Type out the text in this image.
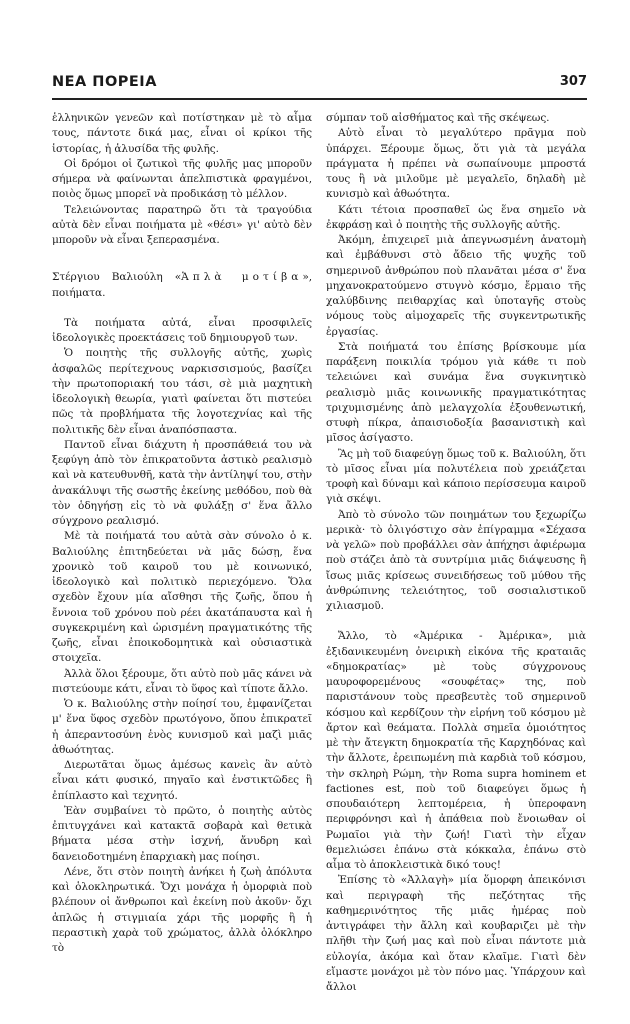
ΝΕΑ ΠΟΡΕΙΑ	307

ἑλληνικῶν γενεῶν καὶ ποτίστηκαν μὲ τὸ αἷμα τους, πάντοτε δικά μας, εἶναι οἱ κρίκοι τῆς ἱστορίας, ἡ ἁλυσίδα τῆς φυλῆς.

Οἱ δρόμοι οἱ ζωτικοὶ τῆς φυλῆς μας μποροῦν σήμερα νὰ φαίνωνται ἀπελπιστικὰ φραγμένοι, ποιὸς ὅμως μπορεῖ νὰ προδικάσῃ τὸ μέλλον.

Τελειώνοντας παρατηρῶ ὅτι τὰ τραγούδια αὐτὰ δὲν εἶναι ποιήματα μὲ «θέσι» γι' αὐτὸ δὲν μποροῦν νὰ εἶναι ξεπερασμένα.

Στέργιου Βαλιούλη «Ἁπλὰ μοτίβα», ποιήματα.

Τὰ ποιήματα αὐτά, εἶναι προσφιλεῖς ἰδεολογικὲς προεκτάσεις τοῦ δημιουργοῦ των.

Ὁ ποιητὴς τῆς συλλογῆς αὐτῆς, χωρὶς ἀσφαλῶς περίτεχνους ναρκισσισμούς, βασίζει τὴν πρωτοποριακή του τάσι, σὲ μιὰ μαχητικὴ ἰδεολογικὴ θεωρία, γιατὶ φαίνεται ὅτι πιστεύει πῶς τὰ προβλήματα τῆς λογοτεχνίας καὶ τῆς πολιτικῆς δὲν εἶναι ἀναπόσπαστα.

Παντοῦ εἶναι διάχυτη ἡ προσπάθειά του νὰ ξεφύγη ἀπὸ τὸν ἐπικρατοῦντα ἀστικὸ ρεαλισμὸ καὶ νὰ κατευθυνθῆ, κατὰ τὴν ἀντίληψί του, στὴν ἀνακάλυψι τῆς σωστῆς ἐκείνης μεθόδου, ποὺ θὰ τὸν ὁδηγήσῃ εἰς τὸ νὰ φυλάξῃ σ' ἕνα ἄλλο σύγχρονο ρεαλισμό.

Μὲ τὰ ποιήματά του αὐτὰ σὰν σύνολο ὁ κ. Βαλιούλης ἐπιτηδεύεται νὰ μᾶς δώσῃ, ἕνα χρονικὸ τοῦ καιροῦ του μὲ κοινωνικό, ἰδεολογικὸ καὶ πολιτικὸ περιεχόμενο. Ὅλα σχεδὸν ἔχουν μία αἴσθησι τῆς ζωῆς, ὅπου ἡ ἔννοια τοῦ χρόνου ποὺ ρέει ἀκατάπαυστα καὶ ἡ συγκεκριμένη καὶ ὡρισμένη πραγματικότης τῆς ζωῆς, εἶναι ἐποικοδομητικὰ καὶ οὐσιαστικὰ στοιχεῖα.

Ἀλλὰ ὅλοι ξέρουμε, ὅτι αὐτὸ ποὺ μᾶς κάνει νὰ πιστεύουμε κάτι, εἶναι τὸ ὕφος καὶ τίποτε ἄλλο.

Ὁ κ. Βαλιούλης στὴν ποίησί του, ἐμφανίζεται μ' ἕνα ὕφος σχεδὸν πρωτόγονο, ὅπου ἐπικρατεῖ ἡ ἀπεραντοσύνη ἑνὸς κυνισμοῦ καὶ μαζὶ μιᾶς ἀθωότητας.

Διερωτᾶται ὅμως ἀμέσως κανεὶς ἂν αὐτὸ εἶναι κάτι φυσικό, πηγαῖο καὶ ἐνστικτῶδες ἢ ἐπίπλαστο καὶ τεχνητό.

Ἐὰν συμβαίνει τὸ πρῶτο, ὁ ποιητὴς αὐτὸς ἐπιτυγχάνει καὶ κατακτᾶ σοβαρὰ καὶ θετικὰ βήματα μέσα στὴν ἰσχνή, ἄνυδρη καὶ δανειοδοτημένη ἐπαρχιακὴ μας ποίησι.

Λένε, ὅτι στὸν ποιητὴ ἀνήκει ἡ ζωὴ ἀπόλυτα καὶ ὁλοκληρωτικά. Ὄχι μονάχα ἡ ὁμορφιὰ ποὺ βλέπουν οἱ ἄνθρωποι καὶ ἐκείνη ποὺ ἀκοῦν· ὄχι ἁπλῶς ἡ στιγμιαία χάρι τῆς μορφῆς ἢ ἡ περαστικὴ χαρὰ τοῦ χρώματος, ἀλλὰ ὁλόκληρο τὸ

σύμπαν τοῦ αἰσθήματος καὶ τῆς σκέψεως.

Αὐτὸ εἶναι τὸ μεγαλύτερο πρᾶγμα ποὺ ὑπάρχει. Ξέρουμε ὅμως, ὅτι γιὰ τὰ μεγάλα πράγματα ἡ πρέπει νὰ σωπαίνουμε μπροστά τους ἢ νὰ μιλοῦμε μὲ μεγαλεῖο, δηλαδὴ μὲ κυνισμὸ καὶ ἀθωότητα.

Κάτι τέτοια προσπαθεῖ ὡς ἕνα σημεῖο νὰ ἐκφράσῃ καὶ ὁ ποιητὴς τῆς συλλογῆς αὐτῆς.

Ἀκόμη, ἐπιχειρεῖ μιὰ ἀπεγνωσμένη ἀνατομὴ καὶ ἐμβάθυνσι στὸ ἄδειο τῆς ψυχῆς τοῦ σημερινοῦ ἀνθρώπου ποὺ πλανᾶται μέσα σ' ἕνα μηχανοκρατούμενο στυγνὸ κόσμο, ἔρμαιο τῆς χαλύβδινης πειθαρχίας καὶ ὑποταγῆς στοὺς νόμους τοὺς αἱμοχαρεῖς τῆς συγκεντρωτικῆς ἐργασίας.

Στὰ ποιήματά του ἐπίσης βρίσκουμε μία παράξενη ποικιλία τρόμου γιὰ κάθε τι ποὺ τελειώνει καὶ συνάμα ἕνα συγκινητικὸ ρεαλισμὸ μιᾶς κοινωνικῆς πραγματικότητας τριχυμισμένης ἀπὸ μελαγχολία ἐξουθενωτική, στυφὴ πίκρα, ἀπαισιοδοξία βασανιστικὴ καὶ μῖσος ἀσίγαστο.

Ἂς μὴ τοῦ διαφεύγῃ ὅμως τοῦ κ. Βαλιούλη, ὅτι τὸ μῖσος εἶναι μία πολυτέλεια ποὺ χρειάζεται τροφὴ καὶ δύναμι καὶ κάποιο περίσσευμα καιροῦ γιὰ σκέψι.

Ἀπὸ τὸ σύνολο τῶν ποιημάτων του ξεχωρίζω μερικὰ· τὸ ὀλιγόστιχο σὰν ἐπίγραμμα «Σέχασα νὰ γελῶ» ποὺ προβάλλει σὰν ἀπήχησι ἀφιέρωμα ποὺ στάζει ἀπὸ τὰ συντρίμια μιᾶς διάψευσης ἢ ἴσως μιᾶς κρίσεως συνειδήσεως τοῦ μύθου τῆς ἀνθρώπινης τελειότητος, τοῦ σοσιαλιστικοῦ χιλιασμοῦ.

Ἄλλο, τὸ «Ἀμέρικα - Ἀμέρικα», μιὰ ἐξιδανικευμένη ὀνειρικὴ εἰκόνα τῆς κραταιᾶς «δημοκρατίας» μὲ τοὺς σύγχρονους μαυροφορεμένους «σουφέτας» της, ποὺ παριστάνουν τοὺς πρεσβευτὲς τοῦ σημερινοῦ κόσμου καὶ κερδίζουν τὴν εἰρήνη τοῦ κόσμου μὲ ἄρτον καὶ θεάματα. Πολλὰ σημεῖα ὁμοιότητος μὲ τὴν ἄτεγκτη δημοκρατία τῆς Καρχηδόνας καὶ τὴν ἄλλοτε, ἐρειπωμένη πιὰ καρδιὰ τοῦ κόσμου, τὴν σκληρὴ Ρώμη, τὴν Roma supra hominem et factiones est, ποὺ τοῦ διαφεύγει ὅμως ἡ σπουδαιότερη λεπτομέρεια, ἡ ὑπεροφανη περιφρόνησι καὶ ἡ ἀπάθεια ποὺ ἔνοιωθαν οἱ Ρωμαῖοι γιὰ τὴν ζωή! Γιατὶ τὴν εἶχαν θεμελιώσει ἐπάνω στὰ κόκκαλα, ἐπάνω στὸ αἷμα τὸ ἀποκλειστικὰ δικό τους!

Ἐπίσης τὸ «Ἀλλαγὴ» μία ὅμορφη ἀπεικόνισι καὶ περιγραφὴ τῆς πεζότητας τῆς καθημερινότητος τῆς μιᾶς ἡμέρας ποὺ ἀντιγράφει τὴν ἄλλη καὶ κουβαριζει μὲ τὴν πλῆθι τὴν ζωή μας καὶ ποὺ εἶναι πάντοτε μιὰ εὐλογία, ἀκόμα καὶ ὅταν κλαῖμε. Γιατὶ δὲν εἴμαστε μονάχοι μὲ τὸν πόνο μας. Ὑπάρχουν καὶ ἄλλοι
